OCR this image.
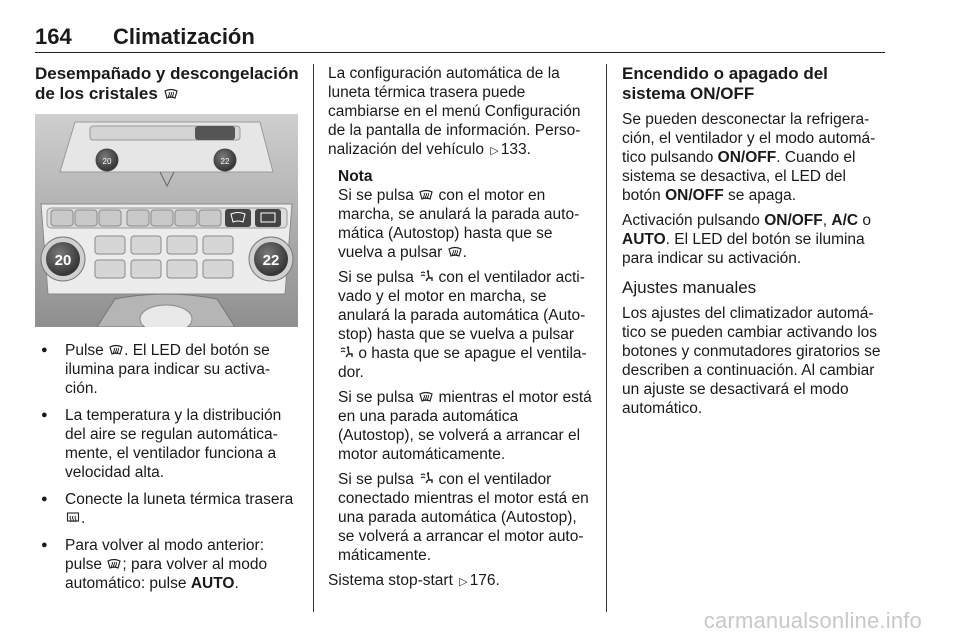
164 Climatización
Desempañado y descongelación
de los cristales
20	22
20	22
● Pulse . El LED del botón se ilumina para indicar su activa-ción.
● La temperatura y la distribución del aire se regulan automática-mente, el ventilador funciona a velocidad alta.
● Conecte la luneta térmica trasera
.
● Para volver al modo anterior: pulse ; para volver al modo automático: pulse AUTO.

La configuración automática de la luneta térmica trasera puede cambiarse en el menú Configuración de la pantalla de información. Perso-nalización del vehículo ▷ 133.

Nota

Si se pulsa con el motor en marcha, se anulará la parada auto-mática (Autostop) hasta que se vuelva a pulsar .

Si se pulsa con el ventilador acti-vado y el motor en marcha, se anulará la parada automática (Auto-stop) hasta que se vuelva a pulsar
o hasta que se apague el ventila-dor.

Si se pulsa mientras el motor está en una parada automática (Autostop), se volverá a arrancar el motor automáticamente.

Si se pulsa con el ventilador conectado mientras el motor está en una parada automática (Autostop), se volverá a arrancar el motor auto-máticamente.

Sistema stop-start ▷ 176.

Encendido o apagado del sistema ON/OFF

Se pueden desconectar la refrigera-ción, el ventilador y el modo automá-tico pulsando ON/OFF. Cuando el sistema se desactiva, el LED del botón ON/OFF se apaga.

Activación pulsando ON/OFF, A/C o AUTO. El LED del botón se ilumina para indicar su activación.

Ajustes manuales

Los ajustes del climatizador automá-tico se pueden cambiar activando los botones y conmutadores giratorios se describen a continuación. Al cambiar un ajuste se desactivará el modo automático.

carmanualsonline.info
